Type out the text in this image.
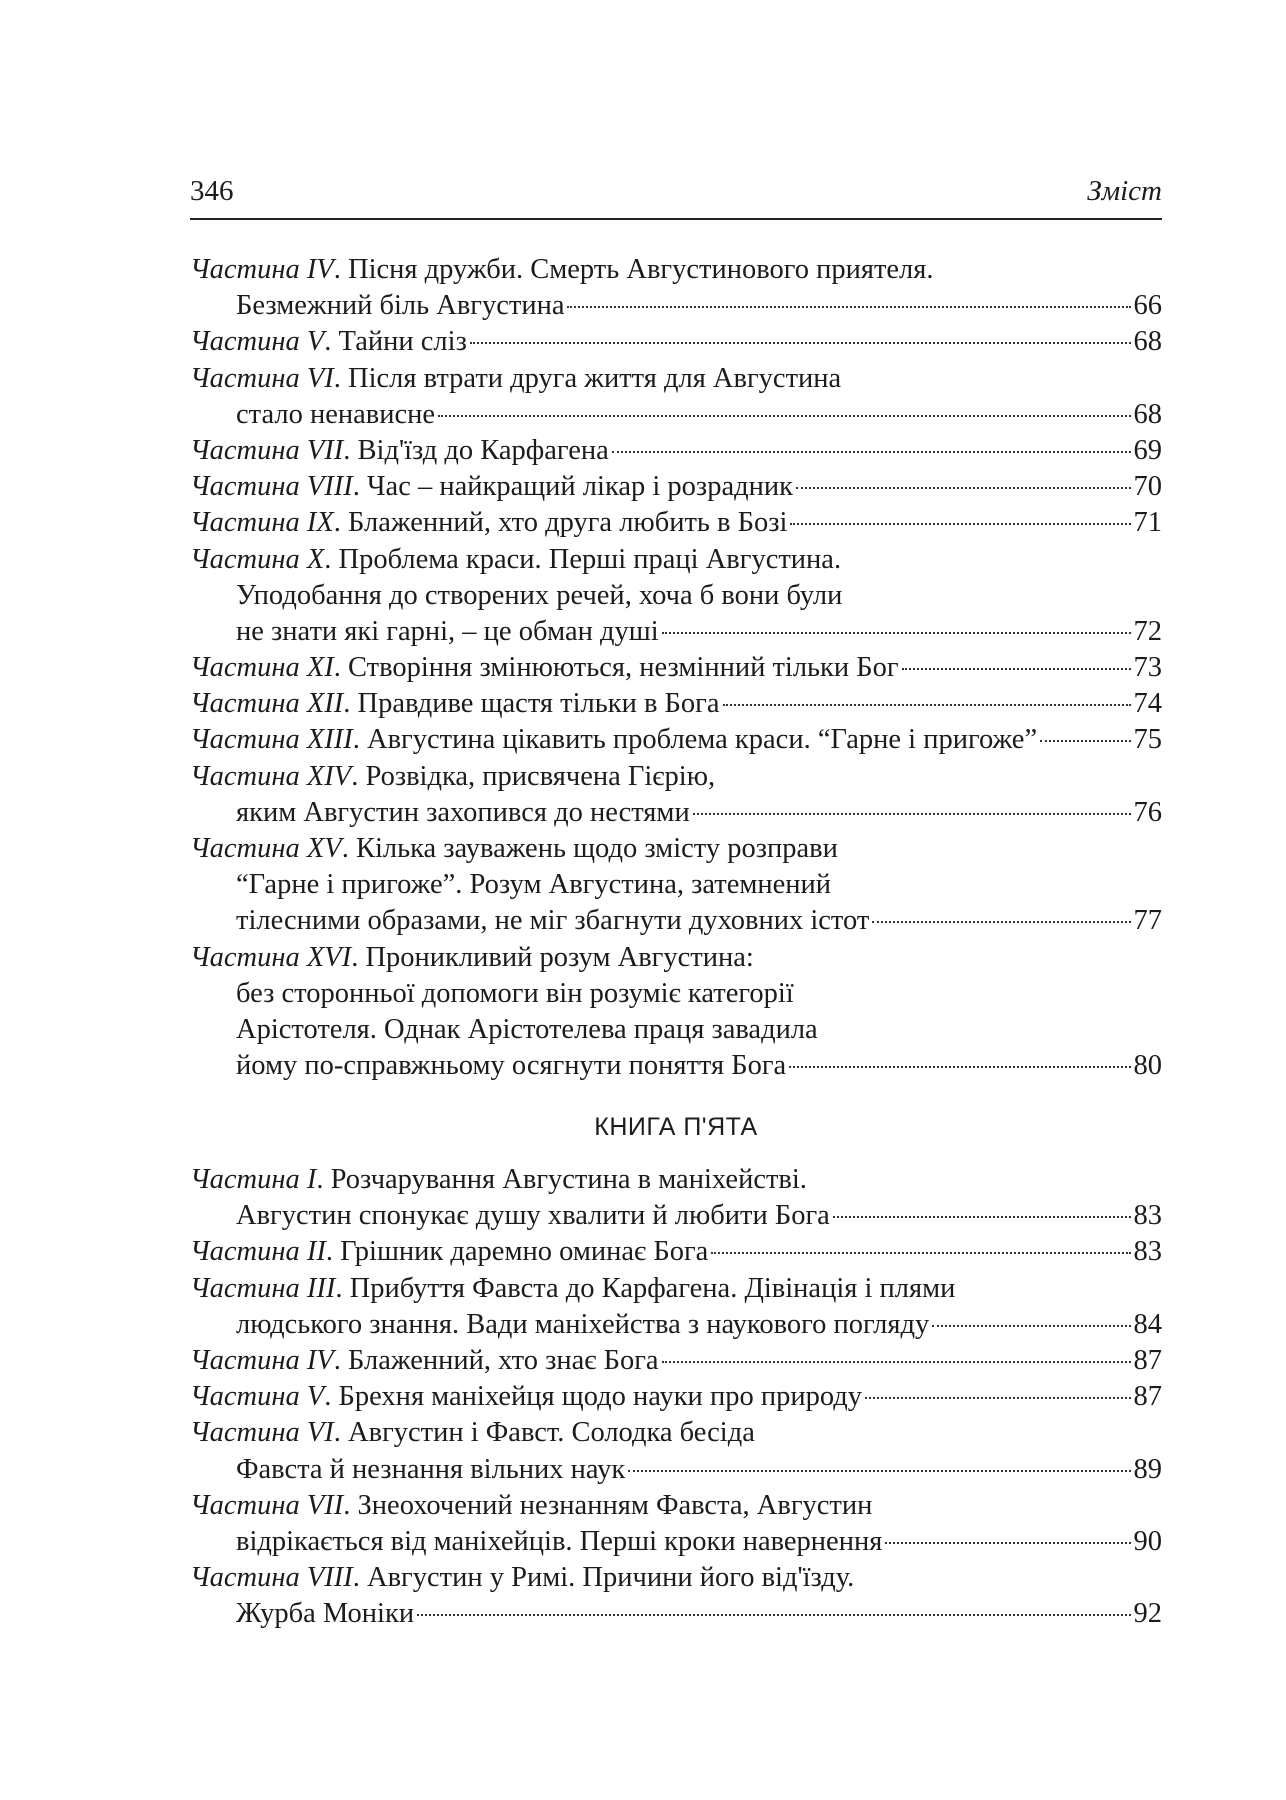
346	Зміст
Частина IV. Пісня дружби. Смерть Августинового приятеля.
Безмежний біль Августина	66
Частина V. Тайни сліз	68
Частина VI. Після втрати друга життя для Августина
стало ненависне	68
Частина VII. Від'їзд до Карфагена	69
Частина VIII. Час – найкращий лікар і розрадник	70
Частина IX. Блаженний, хто друга любить в Бозі	71
Частина X. Проблема краси. Перші праці Августина.
Уподобання до створених речей, хоча б вони були
не знати які гарні, – це обман душі	72
Частина XI. Створіння змінюються, незмінний тільки Бог	73
Частина XII. Правдиве щастя тільки в Бога	74
Частина XIII. Августина цікавить проблема краси. “Гарне і пригоже”	75
Частина XIV. Розвідка, присвячена Гієрію,
яким Августин захопився до нестями	76
Частина XV. Кілька зауважень щодо змісту розправи
“Гарне і пригоже”. Розум Августина, затемнений
тілесними образами, не міг збагнути духовних істот	77
Частина XVI. Проникливий розум Августина:
без сторонньої допомоги він розуміє категорії
Арістотеля. Однак Арістотелева праця завадила
йому по-справжньому осягнути поняття Бога	80
КНИГА П'ЯТА
Частина I. Розчарування Августина в маніхействі.
Августин спонукає душу хвалити й любити Бога	83
Частина II. Грішник даремно оминає Бога	83
Частина III. Прибуття Фавста до Карфагена. Дівінація і плями
людського знання. Вади маніхейства з наукового погляду	84
Частина IV. Блаженний, хто знає Бога	87
Частина V. Брехня маніхейця щодо науки про природу	87
Частина VI. Августин і Фавст. Солодка бесіда
Фавста й незнання вільних наук	89
Частина VII. Знеохочений незнанням Фавста, Августин
відрікається від маніхейців. Перші кроки навернення	90
Частина VIII. Августин у Римі. Причини його від'їзду.
Журба Моніки	92
